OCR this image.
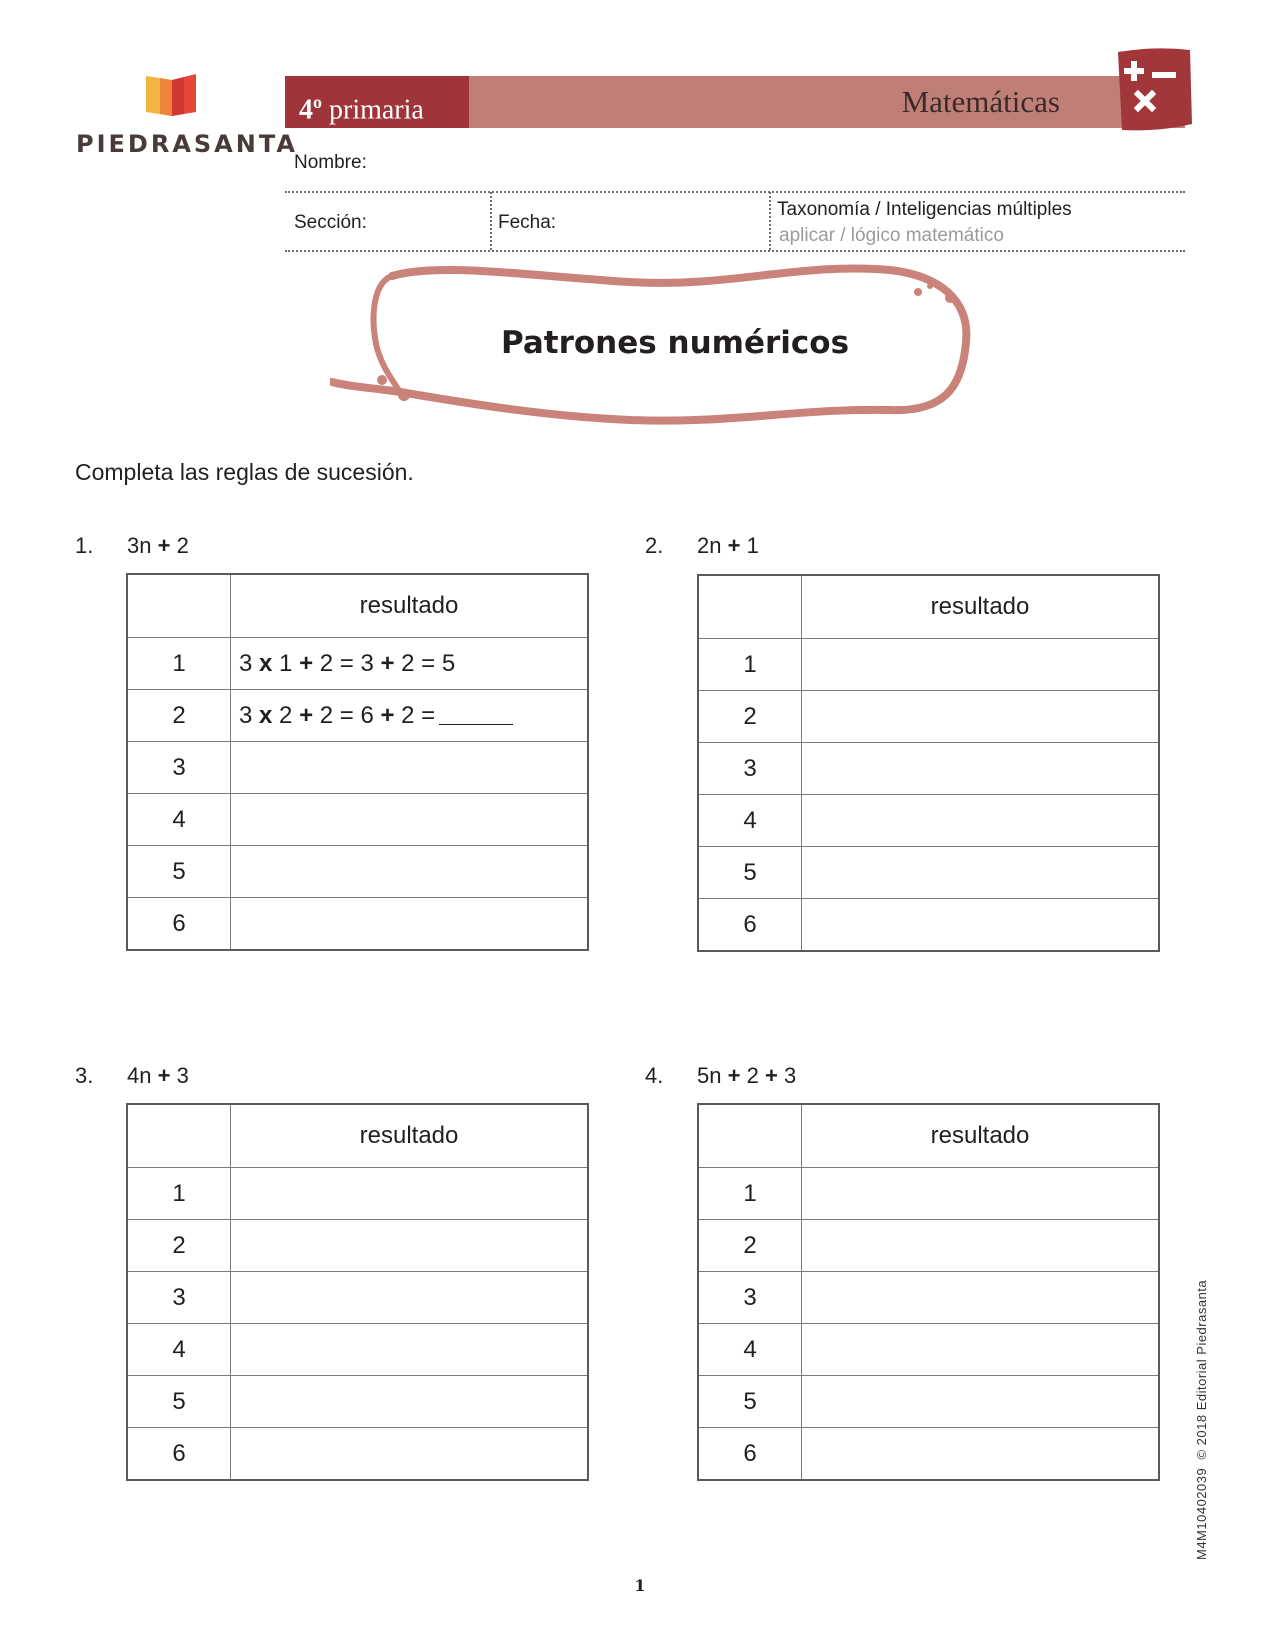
PIEDRASANTA
4$^o$ primaria	Matemáticas
Nombre:
Sección:	Fecha:
Taxonomía / Inteligencias múltiples
aplicar / lógico matemático
Patrones numéricos
Completa las reglas de sucesión.
1. 3n + 2
	resultado
1	3 x 1 + 2 = 3 + 2 = 5
2	3 x 2 + 2 = 6 + 2 =
3	
4	
5	
6	
2. 2n + 1
	resultado
1	
2	
3	
4	
5	
6	
3. 4n + 3
	resultado
1	
2	
3	
4	
5	
6	
4. 5n + 2 + 3
	resultado
1	
2	
3	
4	
5	
6	
M4M10402039  © 2018 Editorial Piedrasanta
1
